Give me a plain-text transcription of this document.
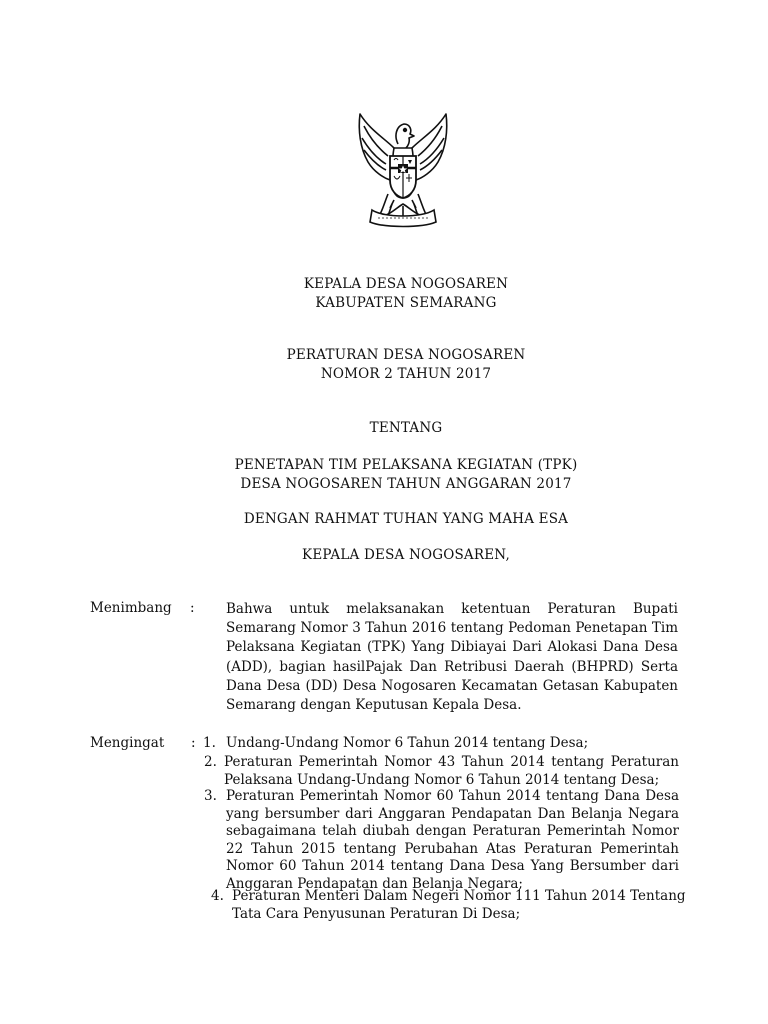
KEPALA DESA NOGOSAREN
KABUPATEN SEMARANG
PERATURAN DESA NOGOSAREN
NOMOR 2 TAHUN 2017
TENTANG
PENETAPAN TIM PELAKSANA KEGIATAN (TPK)
DESA NOGOSAREN TAHUN ANGGARAN 2017
DENGAN RAHMAT TUHAN YANG MAHA ESA
KEPALA DESA NOGOSAREN,
Menimbang : Bahwa untuk melaksanakan ketentuan Peraturan Bupati
Semarang Nomor 3 Tahun 2016 tentang Pedoman Penetapan Tim
Pelaksana Kegiatan (TPK) Yang Dibiayai Dari Alokasi Dana Desa
(ADD), bagian hasilPajak Dan Retribusi Daerah (BHPRD) Serta
Dana Desa (DD) Desa Nogosaren Kecamatan Getasan Kabupaten
Semarang dengan Keputusan Kepala Desa.
Mengingat : 1. Undang-Undang Nomor 6 Tahun 2014 tentang Desa;
2. Peraturan Pemerintah Nomor 43 Tahun 2014 tentang Peraturan
Pelaksana Undang-Undang Nomor 6 Tahun 2014 tentang Desa;
3. Peraturan Pemerintah Nomor 60 Tahun 2014 tentang Dana Desa
yang bersumber dari Anggaran Pendapatan Dan Belanja Negara
sebagaimana telah diubah dengan Peraturan Pemerintah Nomor
22 Tahun 2015 tentang Perubahan Atas Peraturan Pemerintah
Nomor 60 Tahun 2014 tentang Dana Desa Yang Bersumber dari
Anggaran Pendapatan dan Belanja Negara;
4. Peraturan Menteri Dalam Negeri Nomor 111 Tahun 2014 Tentang
Tata Cara Penyusunan Peraturan Di Desa;
